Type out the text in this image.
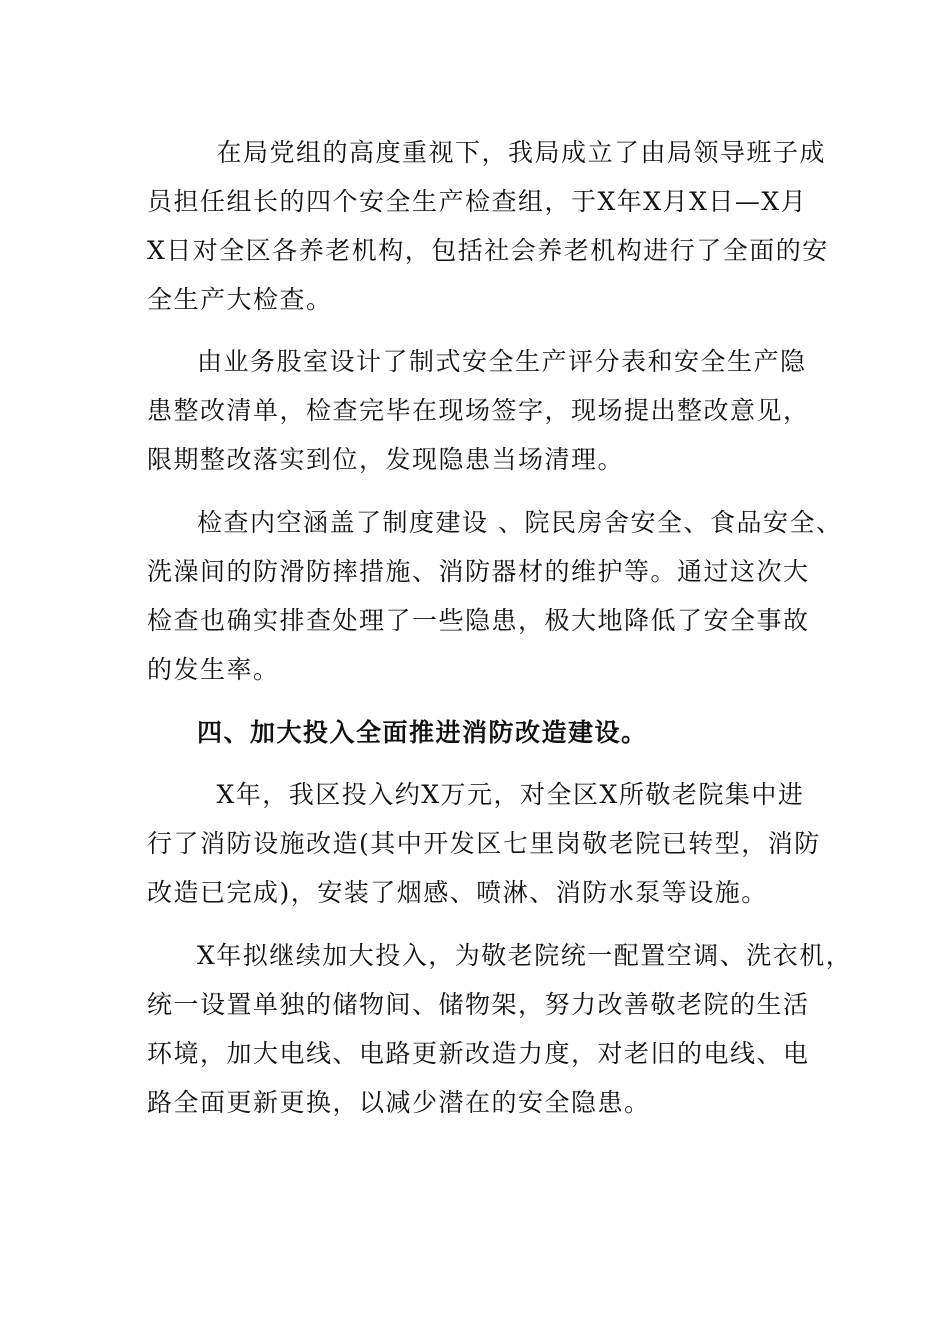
在局党组的高度重视下，我局成立了由局领导班子成
员担任组长的四个安全生产检查组，于X年X月X日—X月
X日对全区各养老机构，包括社会养老机构进行了全面的安
全生产大检查。
由业务股室设计了制式安全生产评分表和安全生产隐
患整改清单，检查完毕在现场签字，现场提出整改意见，
限期整改落实到位，发现隐患当场清理。
检查内空涵盖了制度建设 、院民房舍安全、食品安全、
洗澡间的防滑防摔措施、消防器材的维护等。通过这次大
检查也确实排查处理了一些隐患，极大地降低了安全事故
的发生率。
四、加大投入全面推进消防改造建设。
X年，我区投入约X万元，对全区X所敬老院集中进
行了消防设施改造(其中开发区七里岗敬老院已转型，消防
改造已完成)，安装了烟感、喷淋、消防水泵等设施。
X年拟继续加大投入，为敬老院统一配置空调、洗衣机，
统一设置单独的储物间、储物架，努力改善敬老院的生活
环境，加大电线、电路更新改造力度，对老旧的电线、电
路全面更新更换，以减少潜在的安全隐患。
